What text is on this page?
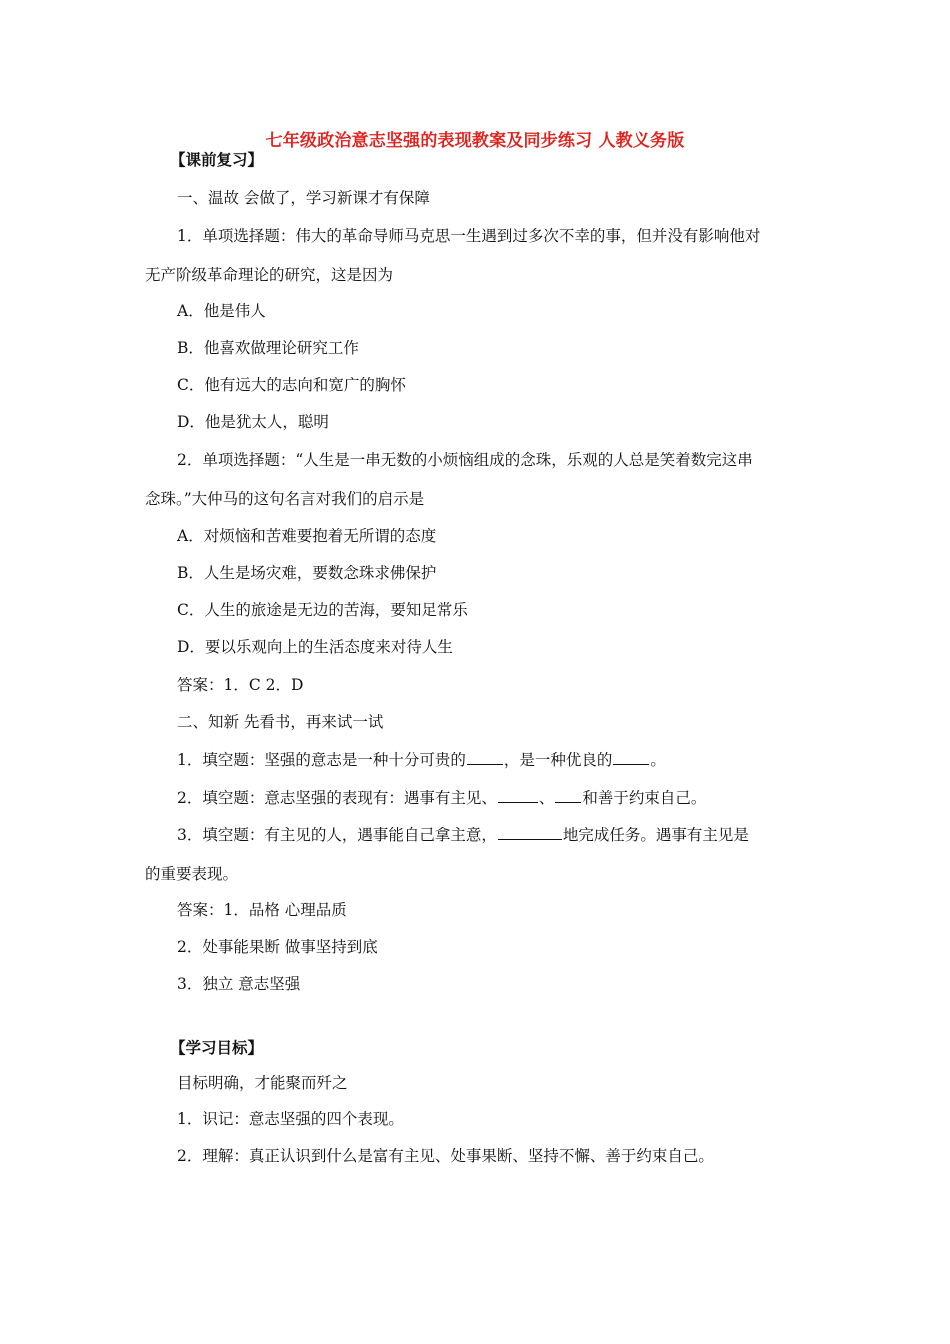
七年级政治意志坚强的表现教案及同步练习 人教义务版
【课前复习】
一、温故 会做了，学习新课才有保障
1．单项选择题：伟大的革命导师马克思一生遇到过多次不幸的事，但并没有影响他对
无产阶级革命理论的研究，这是因为
A．他是伟人
B．他喜欢做理论研究工作
C．他有远大的志向和宽广的胸怀
D．他是犹太人，聪明
2．单项选择题：“人生是一串无数的小烦恼组成的念珠，乐观的人总是笑着数完这串
念珠。”大仲马的这句名言对我们的启示是
A．对烦恼和苦难要抱着无所谓的态度
B．人生是场灾难，要数念珠求佛保护
C．人生的旅途是无边的苦海，要知足常乐
D．要以乐观向上的生活态度来对待人生
答案：1．C 2．D
二、知新 先看书，再来试一试
1．填空题：坚强的意志是一种十分可贵的 ，是一种优良的 。
2．填空题：意志坚强的表现有：遇事有主见、	、 和善于约束自己。
3．填空题：有主见的人，遇事能自己拿主意，	地完成任务。遇事有主见是
的重要表现。
答案：1．品格 心理品质
2．处事能果断 做事坚持到底
3．独立 意志坚强
【学习目标】
目标明确，才能聚而歼之
1．识记：意志坚强的四个表现。
2．理解：真正认识到什么是富有主见、处事果断、坚持不懈、善于约束自己。
